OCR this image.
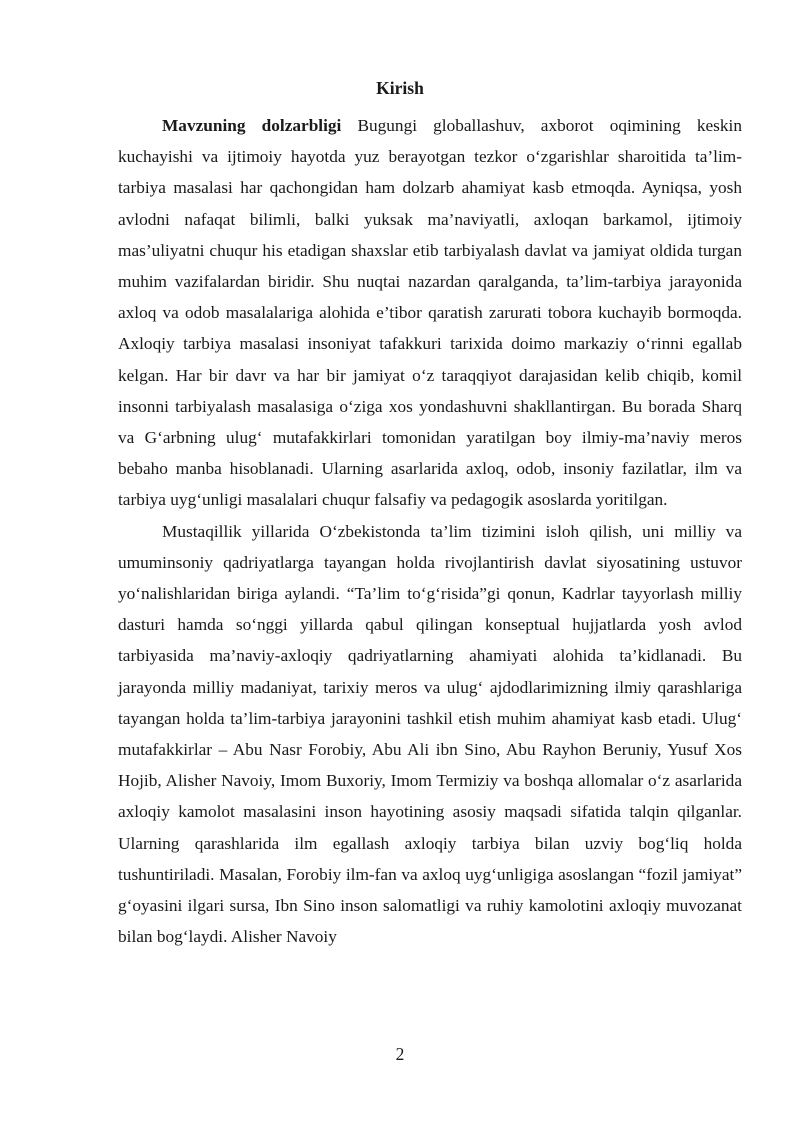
Kirish

Mavzuning dolzarbligi Bugungi globallashuv, axborot oqimining keskin kuchayishi va ijtimoiy hayotda yuz berayotgan tezkor o‘zgarishlar sharoitida ta’lim-tarbiya masalasi har qachongidan ham dolzarb ahamiyat kasb etmoqda. Ayniqsa, yosh avlodni nafaqat bilimli, balki yuksak ma’naviyatli, axloqan barkamol, ijtimoiy mas’uliyatni chuqur his etadigan shaxslar etib tarbiyalash davlat va jamiyat oldida turgan muhim vazifalardan biridir. Shu nuqtai nazardan qaralganda, ta’lim-tarbiya jarayonida axloq va odob masalalariga alohida e’tibor qaratish zarurati tobora kuchayib bormoqda. Axloqiy tarbiya masalasi insoniyat tafakkuri tarixida doimo markaziy o‘rinni egallab kelgan. Har bir davr va har bir jamiyat o‘z taraqqiyot darajasidan kelib chiqib, komil insonni tarbiyalash masalasiga o‘ziga xos yondashuvni shakllantirgan. Bu borada Sharq va G‘arbning ulug‘ mutafakkirlari tomonidan yaratilgan boy ilmiy-ma’naviy meros bebaho manba hisoblanadi. Ularning asarlarida axloq, odob, insoniy fazilatlar, ilm va tarbiya uyg‘unligi masalalari chuqur falsafiy va pedagogik asoslarda yoritilgan.

Mustaqillik yillarida O‘zbekistonda ta’lim tizimini isloh qilish, uni milliy va umuminsoniy qadriyatlarga tayangan holda rivojlantirish davlat siyosatining ustuvor yo‘nalishlaridan biriga aylandi. “Ta’lim to‘g‘risida”gi qonun, Kadrlar tayyorlash milliy dasturi hamda so‘nggi yillarda qabul qilingan konseptual hujjatlarda yosh avlod tarbiyasida ma’naviy-axloqiy qadriyatlarning ahamiyati alohida ta’kidlanadi. Bu jarayonda milliy madaniyat, tarixiy meros va ulug‘ ajdodlarimizning ilmiy qarashlariga tayangan holda ta’lim-tarbiya jarayonini tashkil etish muhim ahamiyat kasb etadi. Ulug‘ mutafakkirlar – Abu Nasr Forobiy, Abu Ali ibn Sino, Abu Rayhon Beruniy, Yusuf Xos Hojib, Alisher Navoiy, Imom Buxoriy, Imom Termiziy va boshqa allomalar o‘z asarlarida axloqiy kamolot masalasini inson hayotining asosiy maqsadi sifatida talqin qilganlar. Ularning qarashlarida ilm egallash axloqiy tarbiya bilan uzviy bog‘liq holda tushuntiriladi. Masalan, Forobiy ilm-fan va axloq uyg‘unligiga asoslangan “fozil jamiyat” g‘oyasini ilgari sursa, Ibn Sino inson salomatligi va ruhiy kamolotini axloqiy muvozanat bilan bog‘laydi. Alisher Navoiy

2
